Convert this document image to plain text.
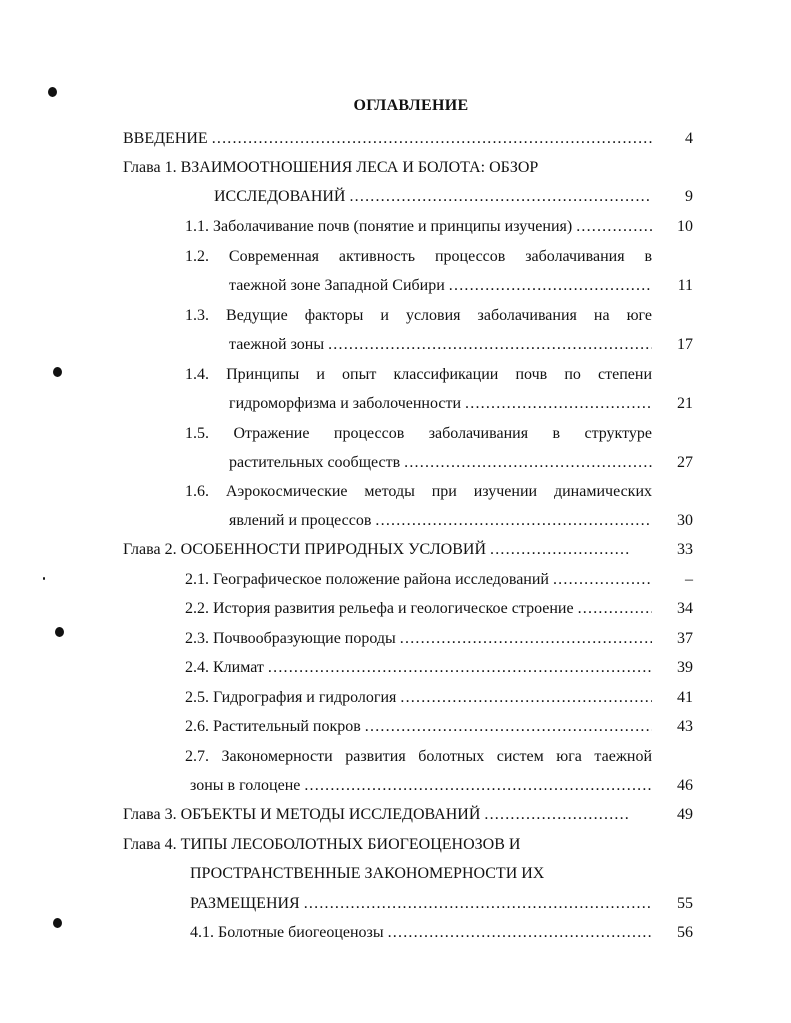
ОГЛАВЛЕНИЕ
ВВЕДЕНИЕ .....	4
Глава 1. ВЗАИМООТНОШЕНИЯ ЛЕСА И БОЛОТА: ОБЗОР
ИССЛЕДОВАНИЙ .....	9
1.1. Заболачивание почв (понятие и принципы изучения) .....	10
1.2. Современная активность процессов заболачивания в
таежной зоне Западной Сибири .....	11
1.3. Ведущие факторы и условия заболачивания на юге
таежной зоны .....	17
1.4. Принципы и опыт классификации почв по степени
гидроморфизма и заболоченности .....	21
1.5. Отражение процессов заболачивания в структуре
растительных сообществ .....	27
1.6. Аэрокосмические методы при изучении динамических
явлений и процессов .....	30
Глава 2. ОСОБЕННОСТИ ПРИРОДНЫХ УСЛОВИЙ .....	33
2.1. Географическое положение района исследований .....	–
2.2. История развития рельефа и геологическое строение .....	34
2.3. Почвообразующие породы .....	37
2.4. Климат .....	39
2.5. Гидрография и гидрология .....	41
2.6. Растительный покров .....	43
2.7. Закономерности развития болотных систем юга таежной
зоны в голоцене .....	46
Глава 3. ОБЪЕКТЫ И МЕТОДЫ ИССЛЕДОВАНИЙ .....	49
Глава 4. ТИПЫ ЛЕСОБОЛОТНЫХ БИОГЕОЦЕНОЗОВ И
ПРОСТРАНСТВЕННЫЕ ЗАКОНОМЕРНОСТИ ИХ
РАЗМЕЩЕНИЯ .....	55
4.1. Болотные биогеоценозы .....	56
